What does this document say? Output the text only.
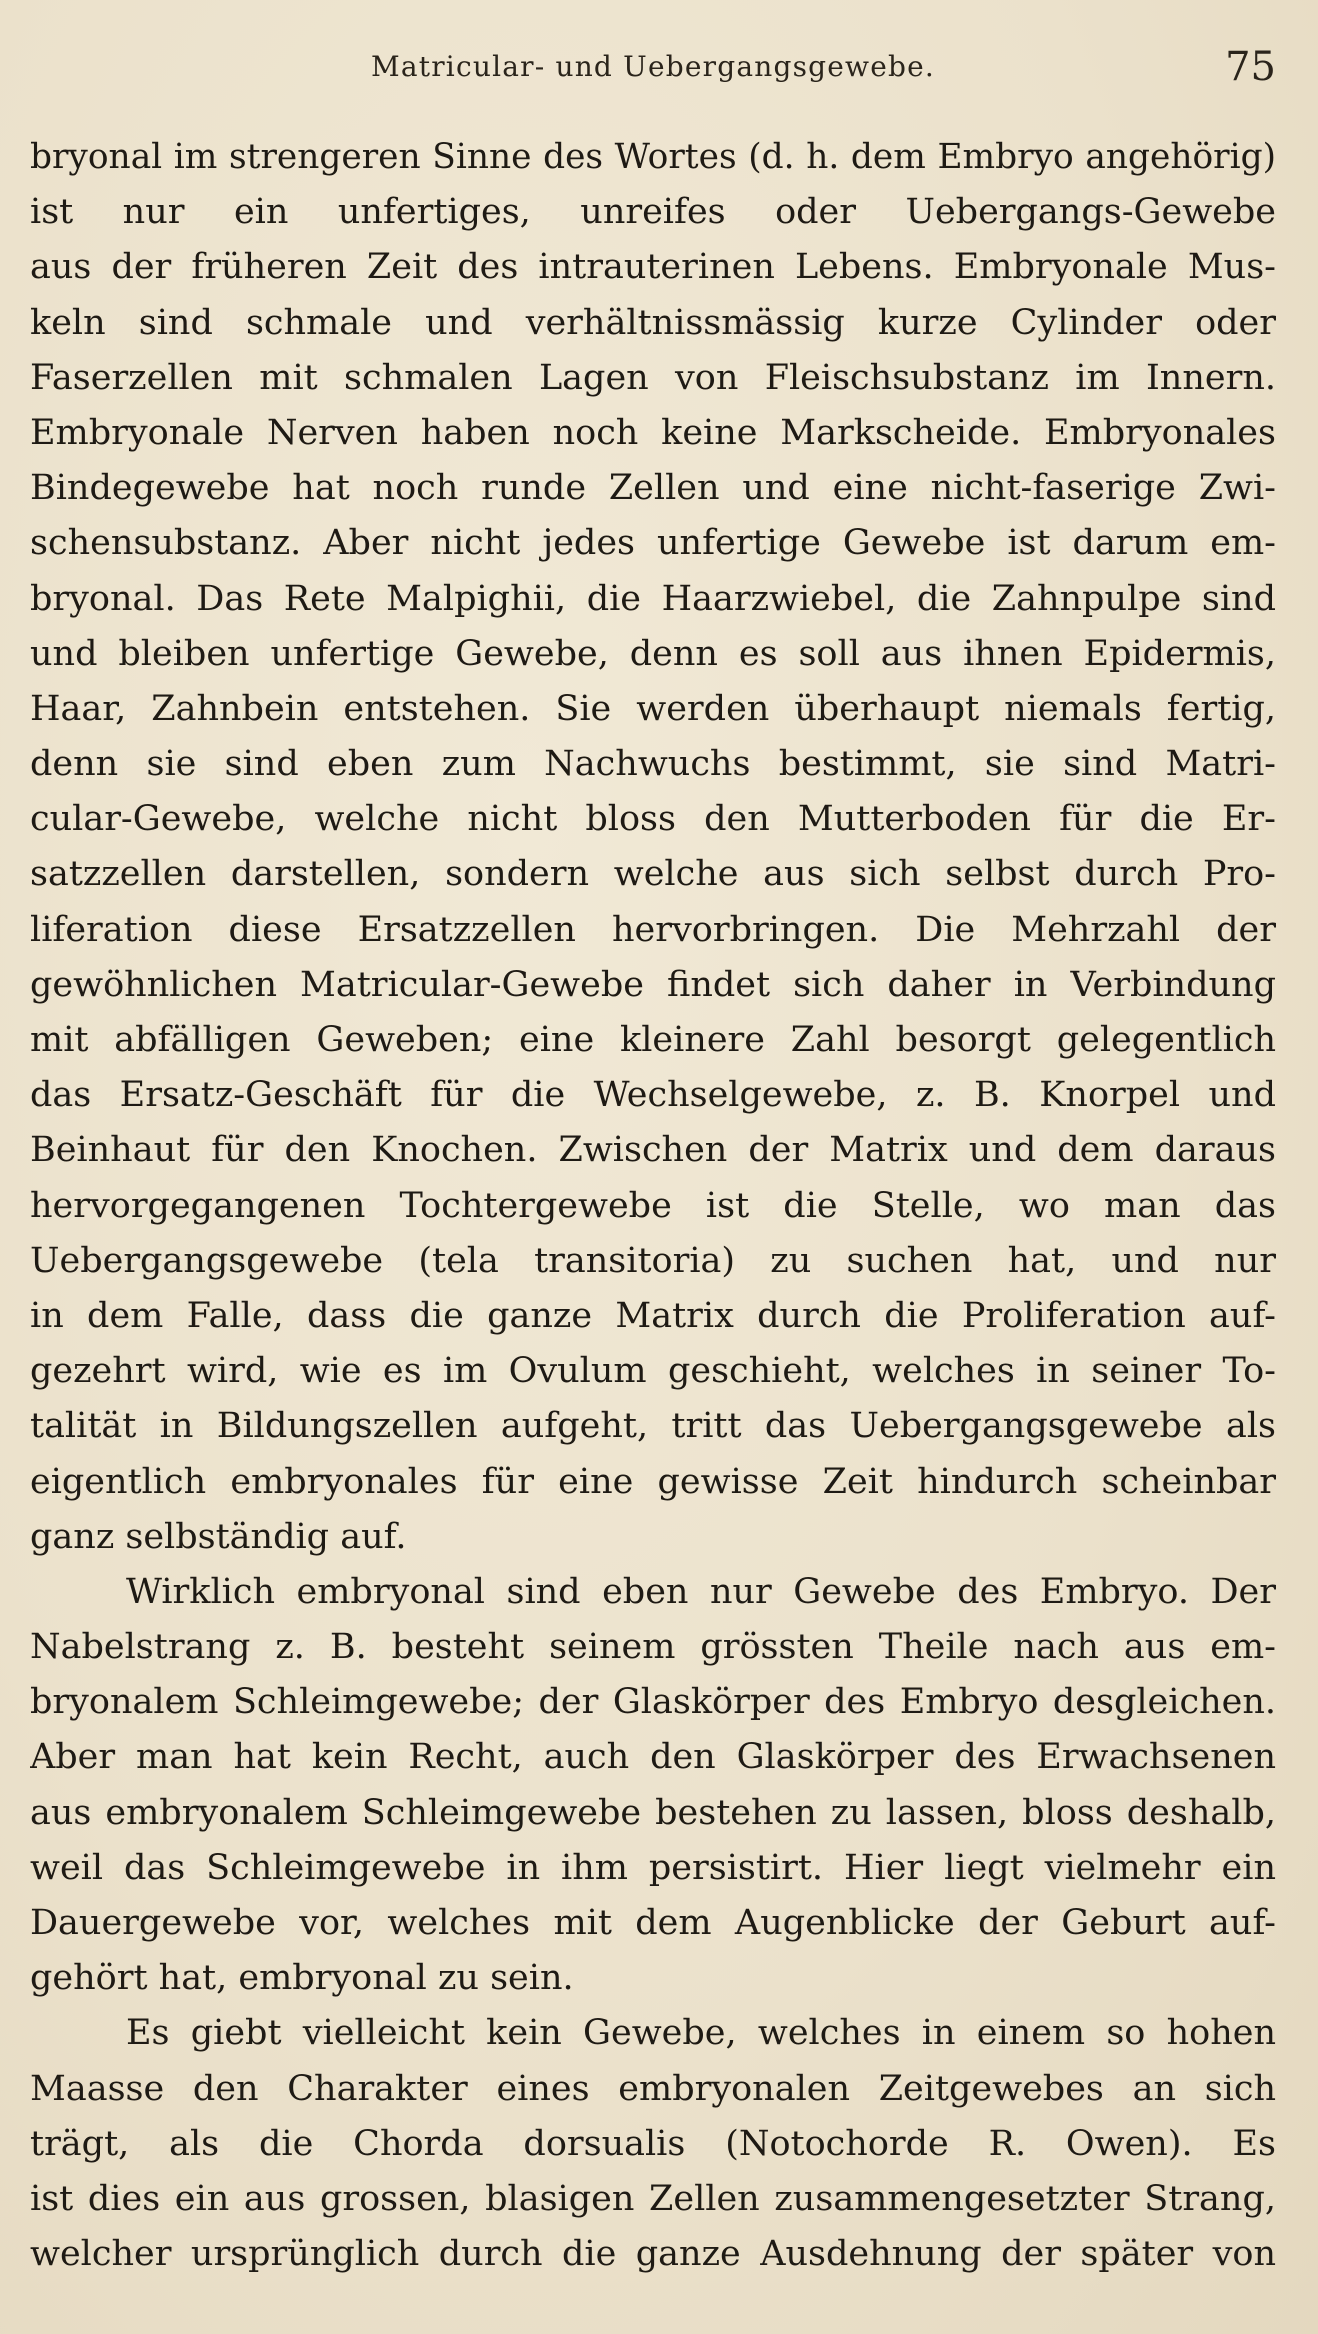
Matricular- und Uebergangsgewebe.	75
bryonal im strengeren Sinne des Wortes (d. h. dem Embryo angehörig)
ist nur ein unfertiges, unreifes oder Uebergangs-Gewebe
aus der früheren Zeit des intrauterinen Lebens. Embryonale Mus-
keln sind schmale und verhältnissmässig kurze Cylinder oder
Faserzellen mit schmalen Lagen von Fleischsubstanz im Innern.
Embryonale Nerven haben noch keine Markscheide. Embryonales
Bindegewebe hat noch runde Zellen und eine nicht-faserige Zwi-
schensubstanz. Aber nicht jedes unfertige Gewebe ist darum em-
bryonal. Das Rete Malpighii, die Haarzwiebel, die Zahnpulpe sind
und bleiben unfertige Gewebe, denn es soll aus ihnen Epidermis,
Haar, Zahnbein entstehen. Sie werden überhaupt niemals fertig,
denn sie sind eben zum Nachwuchs bestimmt, sie sind Matri-
cular-Gewebe, welche nicht bloss den Mutterboden für die Er-
satzzellen darstellen, sondern welche aus sich selbst durch Pro-
liferation diese Ersatzzellen hervorbringen. Die Mehrzahl der
gewöhnlichen Matricular-Gewebe findet sich daher in Verbindung
mit abfälligen Geweben; eine kleinere Zahl besorgt gelegentlich
das Ersatz-Geschäft für die Wechselgewebe, z. B. Knorpel und
Beinhaut für den Knochen. Zwischen der Matrix und dem daraus
hervorgegangenen Tochtergewebe ist die Stelle, wo man das
Uebergangsgewebe (tela transitoria) zu suchen hat, und nur
in dem Falle, dass die ganze Matrix durch die Proliferation auf-
gezehrt wird, wie es im Ovulum geschieht, welches in seiner To-
talität in Bildungszellen aufgeht, tritt das Uebergangsgewebe als
eigentlich embryonales für eine gewisse Zeit hindurch scheinbar
ganz selbständig auf.
Wirklich embryonal sind eben nur Gewebe des Embryo. Der
Nabelstrang z. B. besteht seinem grössten Theile nach aus em-
bryonalem Schleimgewebe; der Glaskörper des Embryo desgleichen.
Aber man hat kein Recht, auch den Glaskörper des Erwachsenen
aus embryonalem Schleimgewebe bestehen zu lassen, bloss deshalb,
weil das Schleimgewebe in ihm persistirt. Hier liegt vielmehr ein
Dauergewebe vor, welches mit dem Augenblicke der Geburt auf-
gehört hat, embryonal zu sein.
Es giebt vielleicht kein Gewebe, welches in einem so hohen
Maasse den Charakter eines embryonalen Zeitgewebes an sich
trägt, als die Chorda dorsualis (Notochorde R. Owen). Es
ist dies ein aus grossen, blasigen Zellen zusammengesetzter Strang,
welcher ursprünglich durch die ganze Ausdehnung der später von
